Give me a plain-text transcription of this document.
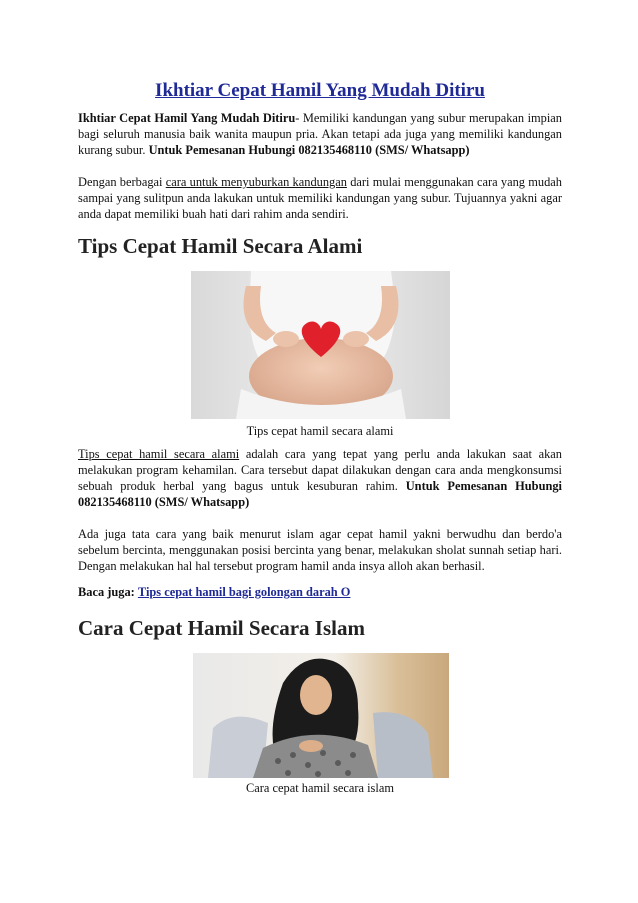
Ikhtiar Cepat Hamil Yang Mudah Ditiru

Ikhtiar Cepat Hamil Yang Mudah Ditiru- Memiliki kandungan yang subur merupakan impian bagi seluruh manusia baik wanita maupun pria. Akan tetapi ada juga yang memiliki kandungan kurang subur. Untuk Pemesanan Hubungi 082135468110 (SMS/ Whatsapp)

Dengan berbagai cara untuk menyuburkan kandungan dari mulai menggunakan cara yang mudah sampai yang sulitpun anda lakukan untuk memiliki kandungan yang subur. Tujuannya yakni agar anda dapat memiliki buah hati dari rahim anda sendiri.

Tips Cepat Hamil Secara Alami
Tips cepat hamil secara alami

Tips cepat hamil secara alami adalah cara yang tepat yang perlu anda lakukan saat akan melakukan program kehamilan. Cara tersebut dapat dilakukan dengan cara anda mengkonsumsi sebuah produk herbal yang bagus untuk kesuburan rahim. Untuk Pemesanan Hubungi 082135468110 (SMS/ Whatsapp)

Ada juga tata cara yang baik menurut islam agar cepat hamil yakni berwudhu dan berdo'a sebelum bercinta, menggunakan posisi bercinta yang benar, melakukan sholat sunnah setiap hari. Dengan melakukan hal hal tersebut program hamil anda insya alloh akan berhasil.

Baca juga: Tips cepat hamil bagi golongan darah O

Cara Cepat Hamil Secara Islam
Cara cepat hamil secara islam
